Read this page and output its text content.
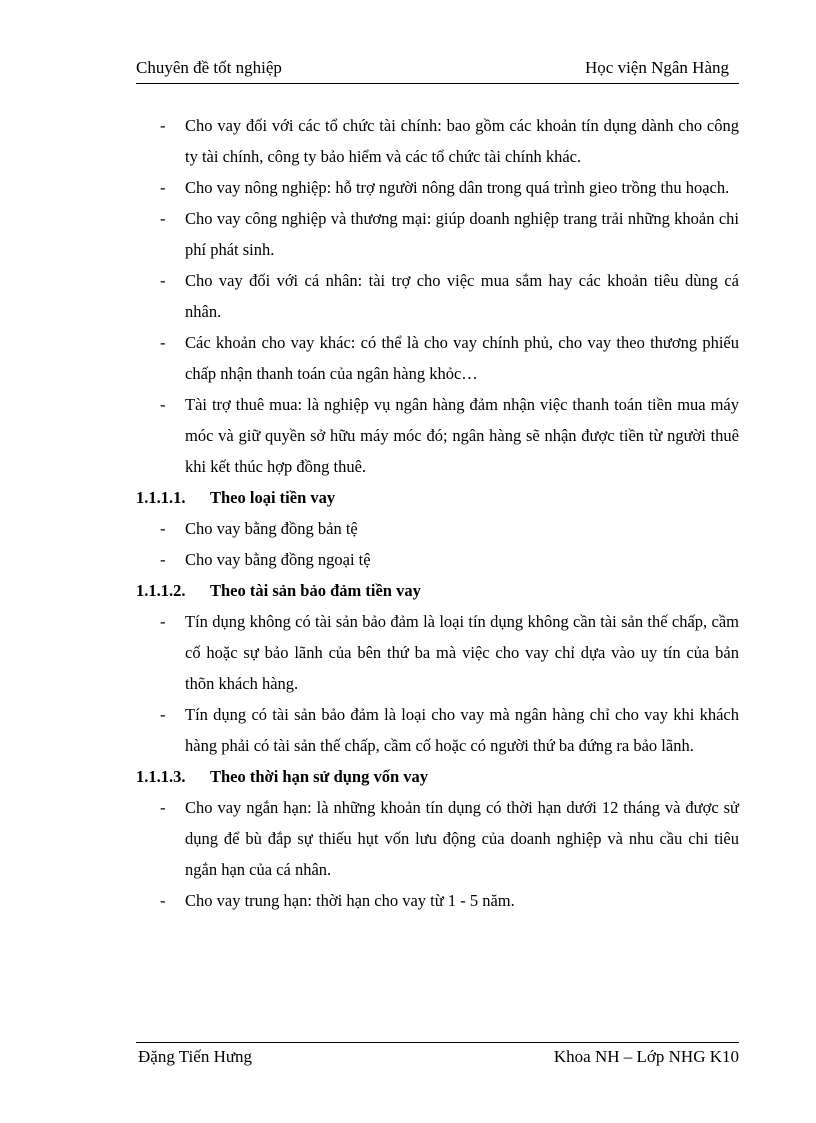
Chuyên đề tốt nghiệp	Học viện Ngân Hàng
- Cho vay đối với các tổ chức tài chính: bao gồm các khoản tín dụng dành cho công ty tài chính, công ty bảo hiểm và các tổ chức tài chính khác.
- Cho vay nông nghiệp: hỗ trợ người nông dân trong quá trình gieo trồng thu hoạch.
- Cho vay công nghiệp và thương mại: giúp doanh nghiệp trang trải những khoản chi phí phát sinh.
- Cho vay đối với cá nhân: tài trợ cho việc mua sắm hay các khoản tiêu dùng cá nhân.
- Các khoản cho vay khác: có thể là cho vay chính phủ, cho vay theo thương phiếu chấp nhận thanh toán của ngân hàng khỏc…
- Tài trợ thuê mua: là nghiệp vụ ngân hàng đảm nhận việc thanh toán tiền mua máy móc và giữ quyền sở hữu máy móc đó; ngân hàng sẽ nhận được tiền từ người thuê khi kết thúc hợp đồng thuê.
1.1.1.1.	Theo loại tiền vay
- Cho vay bằng đồng bản tệ
- Cho vay bằng đồng ngoại tệ
1.1.1.2.	Theo tài sản bảo đảm tiền vay
- Tín dụng không có tài sản bảo đảm là loại tín dụng không cần tài sản thế chấp, cầm cố hoặc sự bảo lãnh của bên thứ ba mà việc cho vay chỉ dựa vào uy tín của bản thõn khách hàng.
- Tín dụng có tài sản bảo đảm là loại cho vay mà ngân hàng chỉ cho vay khi khách hàng phải có tài sản thế chấp, cầm cố hoặc có người thứ ba đứng ra bảo lãnh.
1.1.1.3.	Theo thời hạn sử dụng vốn vay
- Cho vay ngắn hạn: là những khoản tín dụng có thời hạn dưới 12 tháng và được sử dụng để bù đắp sự thiếu hụt vốn lưu động của doanh nghiệp và nhu cầu chi tiêu ngắn hạn của cá nhân.
- Cho vay trung hạn: thời hạn cho vay từ 1 - 5 năm.
Đặng Tiến Hưng	Khoa NH – Lớp NHG K10
